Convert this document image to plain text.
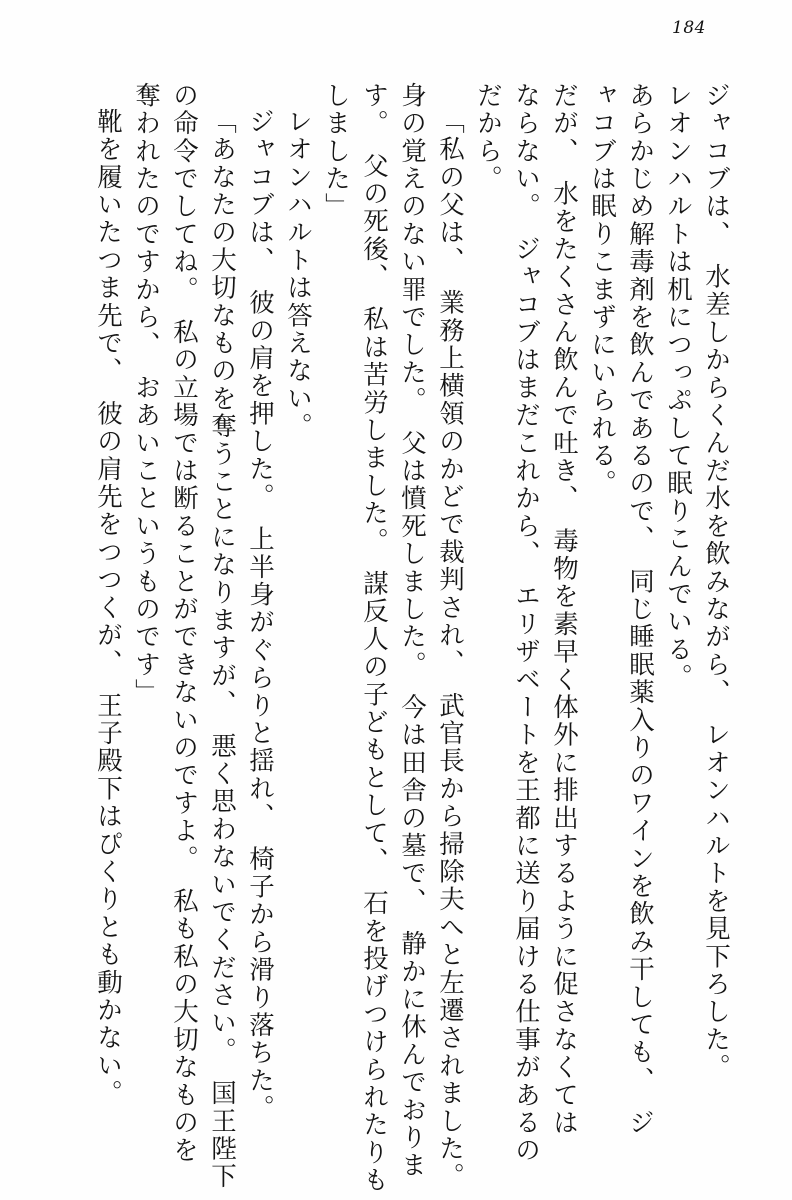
184
ジャコブは、　水差しからくんだ水を飲みながら、　レオンハルトを見下ろした。
レオンハルトは机につっぷして眠りこんでいる。
あらかじめ解毒剤を飲んであるので、　同じ睡眠薬入りのワインを飲み干しても、　ジ
ャコブは眠りこまずにいられる。
だが、　水をたくさん飲んで吐き、　毒物を素早く体外に排出するように促さなくては
ならない。　ジャコブはまだこれから、　エリザベートを王都に送り届ける仕事があるの
だから。
「私の父は、　業務上横領のかどで裁判され、　武官長から掃除夫へと左遷されました。
身の覚えのない罪でした。　父は憤死しました。　今は田舎の墓で、　静かに休んでおりま
す。　父の死後、　私は苦労しました。　謀反人の子どもとして、　石を投げつけられたりも
しました」
レオンハルトは答えない。
ジャコブは、　彼の肩を押した。　上半身がぐらりと揺れ、　椅子から滑り落ちた。
「あなたの大切なものを奪うことになりますが、　悪く思わないでください。　国王陛下
の命令でしてね。　私の立場では断ることができないのですよ。　私も私の大切なものを
奪われたのですから、　おあいこというものです」
靴を履いたつま先で、　彼の肩先をつつくが、　王子殿下はぴくりとも動かない。
